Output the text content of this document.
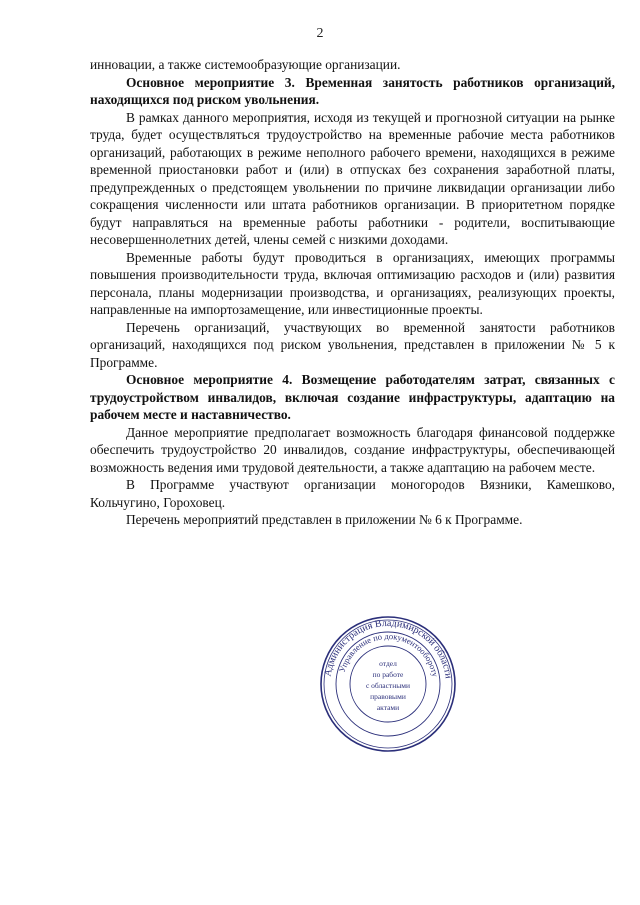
2

инновации, а также системообразующие организации.

Основное мероприятие 3. Временная занятость работников организаций, находящихся под риском увольнения.

В рамках данного мероприятия, исходя из текущей и прогнозной ситуации на рынке труда, будет осуществляться трудоустройство на временные рабочие места работников организаций, работающих в режиме неполного рабочего времени, находящихся в режиме временной приостановки работ и (или) в отпусках без сохранения заработной платы, предупрежденных о предстоящем увольнении по причине ликвидации организации либо сокращения численности или штата работников организации. В приоритетном порядке будут направляться на временные работы работники - родители, воспитывающие несовершеннолетних детей, члены семей с низкими доходами.

Временные работы будут проводиться в организациях, имеющих программы повышения производительности труда, включая оптимизацию расходов и (или) развития персонала, планы модернизации производства, и организациях, реализующих проекты, направленные на импортозамещение, или инвестиционные проекты.

Перечень организаций, участвующих во временной занятости работников организаций, находящихся под риском увольнения, представлен в приложении № 5 к Программе.

Основное мероприятие 4. Возмещение работодателям затрат, связанных с трудоустройством инвалидов, включая создание инфраструктуры, адаптацию на рабочем месте и наставничество.

Данное мероприятие предполагает возможность благодаря финансовой поддержке обеспечить трудоустройство 20 инвалидов, создание инфраструктуры, обеспечивающей возможность ведения ими трудовой деятельности, а также адаптацию на рабочем месте.

В Программе участвуют организации моногородов Вязники, Камешково, Кольчугино, Гороховец.

Перечень мероприятий представлен в приложении № 6 к Программе.

Администрация Владимирской области
Управление по документообороту
отдел
по работе
с областными
правовыми
актами
